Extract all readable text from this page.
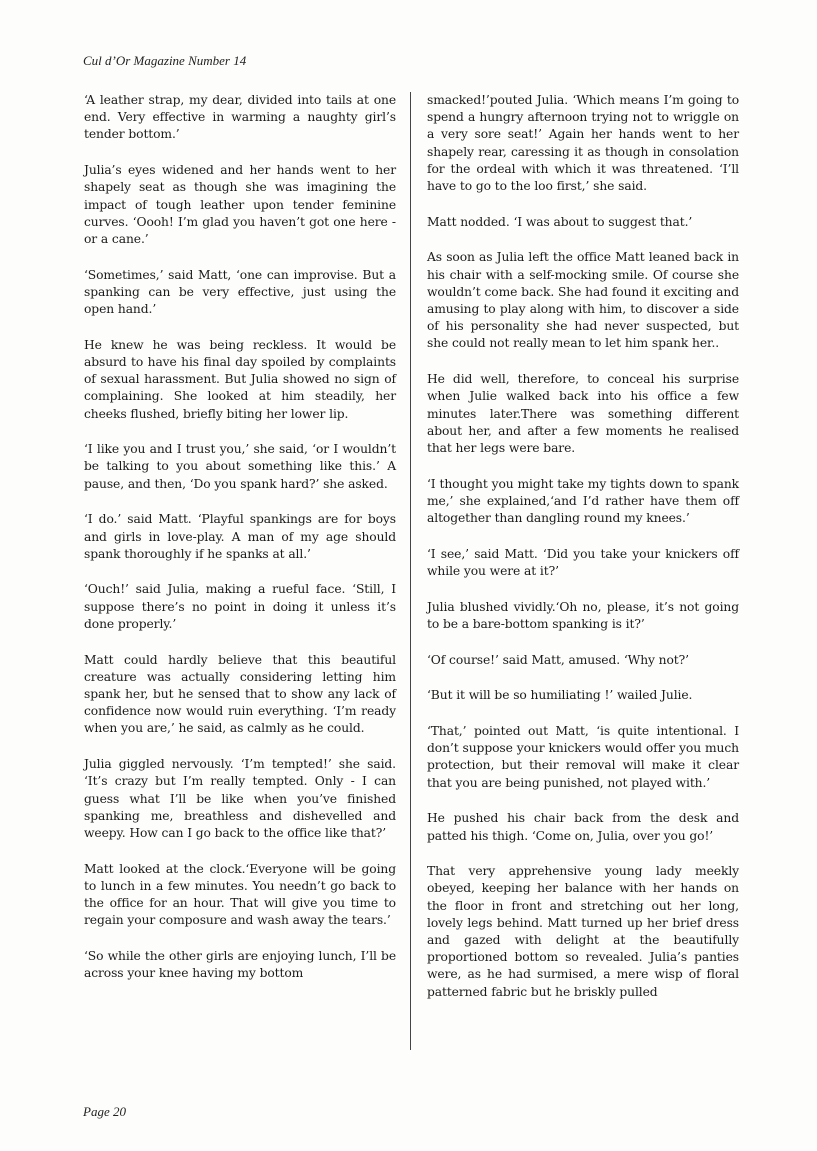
Cul d’Or Magazine Number 14

‘A leather strap, my dear, divided into tails at one end. Very effective in warming a naughty girl’s tender bottom.’

Julia’s eyes widened and her hands went to her shapely seat as though she was imagining the impact of tough leather upon tender feminine curves. ‘Oooh! I’m glad you haven’t got one here - or a cane.’

‘Sometimes,’ said Matt, ‘one can improvise. But a spanking can be very effective, just using the open hand.’

He knew he was being reckless. It would be absurd to have his final day spoiled by complaints of sexual harassment. But Julia showed no sign of complaining. She looked at him steadily, her cheeks flushed, briefly biting her lower lip.

‘I like you and I trust you,’ she said, ‘or I wouldn’t be talking to you about something like this.’ A pause, and then, ‘Do you spank hard?’ she asked.

‘I do.’ said Matt. ‘Playful spankings are for boys and girls in love-play. A man of my age should spank thoroughly if he spanks at all.’

‘Ouch!’ said Julia, making a rueful face. ‘Still, I suppose there’s no point in doing it unless it’s done properly.’

Matt could hardly believe that this beautiful creature was actually considering letting him spank her, but he sensed that to show any lack of confidence now would ruin everything. ‘I’m ready when you are,’ he said, as calmly as he could.

Julia giggled nervously. ‘I’m tempted!’ she said. ‘It’s crazy but I’m really tempted. Only - I can guess what I’ll be like when you’ve finished spanking me, breathless and dishevelled and weepy. How can I go back to the office like that?’

Matt looked at the clock.‘Everyone will be going to lunch in a few minutes. You needn’t go back to the office for an hour. That will give you time to regain your composure and wash away the tears.’

‘So while the other girls are enjoying lunch, I’ll be across your knee having my bottom

smacked!’pouted Julia. ‘Which means I’m going to spend a hungry afternoon trying not to wriggle on a very sore seat!’ Again her hands went to her shapely rear, caressing it as though in consolation for the ordeal with which it was threatened. ‘I’ll have to go to the loo first,’ she said.

Matt nodded. ‘I was about to suggest that.’

As soon as Julia left the office Matt leaned back in his chair with a self-mocking smile. Of course she wouldn’t come back. She had found it exciting and amusing to play along with him, to discover a side of his personality she had never suspected, but she could not really mean to let him spank her..

He did well, therefore, to conceal his surprise when Julie walked back into his office a few minutes later.There was something different about her, and after a few moments he realised that her legs were bare.

‘I thought you might take my tights down to spank me,’ she explained,‘and I’d rather have them off altogether than dangling round my knees.’

‘I see,’ said Matt. ‘Did you take your knickers off while you were at it?’

Julia blushed vividly.‘Oh no, please, it’s not going to be a bare-bottom spanking is it?’

‘Of course!’ said Matt, amused. ‘Why not?’

‘But it will be so humiliating !’ wailed Julie.

‘That,’ pointed out Matt, ‘is quite intentional. I don’t suppose your knickers would offer you much protection, but their removal will make it clear that you are being punished, not played with.’

He pushed his chair back from the desk and patted his thigh. ‘Come on, Julia, over you go!’

That very apprehensive young lady meekly obeyed, keeping her balance with her hands on the floor in front and stretching out her long, lovely legs behind. Matt turned up her brief dress and gazed with delight at the beautifully proportioned bottom so revealed. Julia’s panties were, as he had surmised, a mere wisp of floral patterned fabric but he briskly pulled

Page 20
